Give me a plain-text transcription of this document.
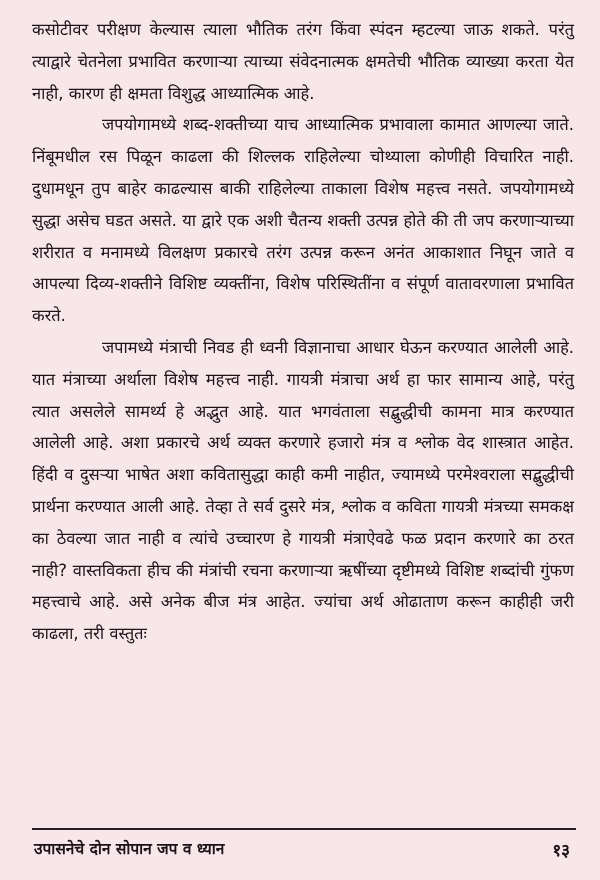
कसोटीवर परीक्षण केल्यास त्याला भौतिक तरंग किंवा स्पंदन म्हटल्या जाऊ शकते. परंतु त्याद्वारे चेतनेला प्रभावित करणाऱ्या त्याच्या संवेदनात्मक क्षमतेची भौतिक व्याख्या करता येत नाही, कारण ही क्षमता विशुद्ध आध्यात्मिक आहे.

जपयोगामध्ये शब्द-शक्तीच्या याच आध्यात्मिक प्रभावाला कामात आणल्या जाते. निंबूमधील रस पिळून काढला की शिल्लक राहिलेल्या चोथ्याला कोणीही विचारित नाही. दुधामधून तुप बाहेर काढल्यास बाकी राहिलेल्या ताकाला विशेष महत्त्व नसते. जपयोगामध्ये सुद्धा असेच घडत असते. या द्वारे एक अशी चैतन्य शक्ती उत्पन्न होते की ती जप करणाऱ्याच्या शरीरात व मनामध्ये विलक्षण प्रकारचे तरंग उत्पन्न करून अनंत आकाशात निघून जाते व आपल्या दिव्य-शक्तीने विशिष्ट व्यक्तींना, विशेष परिस्थितींना व संपूर्ण वातावरणाला प्रभावित करते.

जपामध्ये मंत्राची निवड ही ध्वनी विज्ञानाचा आधार घेऊन करण्यात आलेली आहे. यात मंत्राच्या अर्थाला विशेष महत्त्व नाही. गायत्री मंत्राचा अर्थ हा फार सामान्य आहे, परंतु त्यात असलेले सामर्थ्य हे अद्भुत आहे. यात भगवंताला सद्बुद्धीची कामना मात्र करण्यात आलेली आहे. अशा प्रकारचे अर्थ व्यक्त करणारे हजारो मंत्र व श्लोक वेद शास्त्रात आहेत. हिंदी व दुसऱ्या भाषेत अशा कवितासुद्धा काही कमी नाहीत, ज्यामध्ये परमेश्वराला सद्बुद्धीची प्रार्थना करण्यात आली आहे. तेव्हा ते सर्व दुसरे मंत्र, श्लोक व कविता गायत्री मंत्रच्या समकक्ष का ठेवल्या जात नाही व त्यांचे उच्चारण हे गायत्री मंत्राऐवढे फळ प्रदान करणारे का ठरत नाही? वास्तविकता हीच की मंत्रांची रचना करणाऱ्या ऋषींच्या दृष्टीमध्ये विशिष्ट शब्दांची गुंफण महत्त्वाचे आहे. असे अनेक बीज मंत्र आहेत. ज्यांचा अर्थ ओढाताण करून काहीही जरी काढला, तरी वस्तुतः

उपासनेचे दोन सोपान जप व ध्यान	१३
